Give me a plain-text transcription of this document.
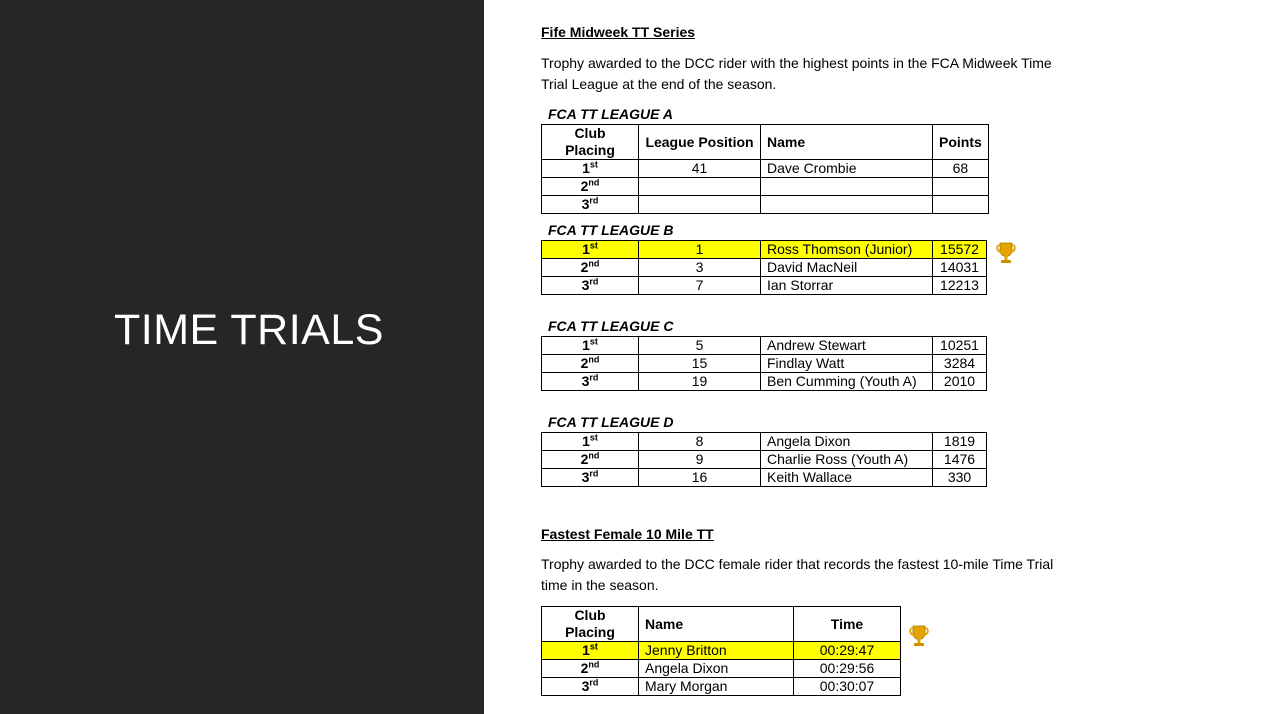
TIME TRIALS

Fife Midweek TT Series

Trophy awarded to the DCC rider with the highest points in the FCA Midweek Time Trial League at the end of the season.

FCA TT LEAGUE A

Club Placing	League Position	Name	Points
1st	41	Dave Crombie	68
2nd			
3rd			

FCA TT LEAGUE B

1st	1	Ross Thomson (Junior)	15572
2nd	3	David MacNeil	14031
3rd	7	Ian Storrar	12213

FCA TT LEAGUE C

1st	5	Andrew Stewart	10251
2nd	15	Findlay Watt	3284
3rd	19	Ben Cumming (Youth A)	2010

FCA TT LEAGUE D

1st	8	Angela Dixon	1819
2nd	9	Charlie Ross (Youth A)	1476
3rd	16	Keith Wallace	330

Fastest Female 10 Mile TT

Trophy awarded to the DCC female rider that records the fastest 10-mile Time Trial time in the season.

Club Placing	Name	Time
1st	Jenny Britton	00:29:47
2nd	Angela Dixon	00:29:56
3rd	Mary Morgan	00:30:07
